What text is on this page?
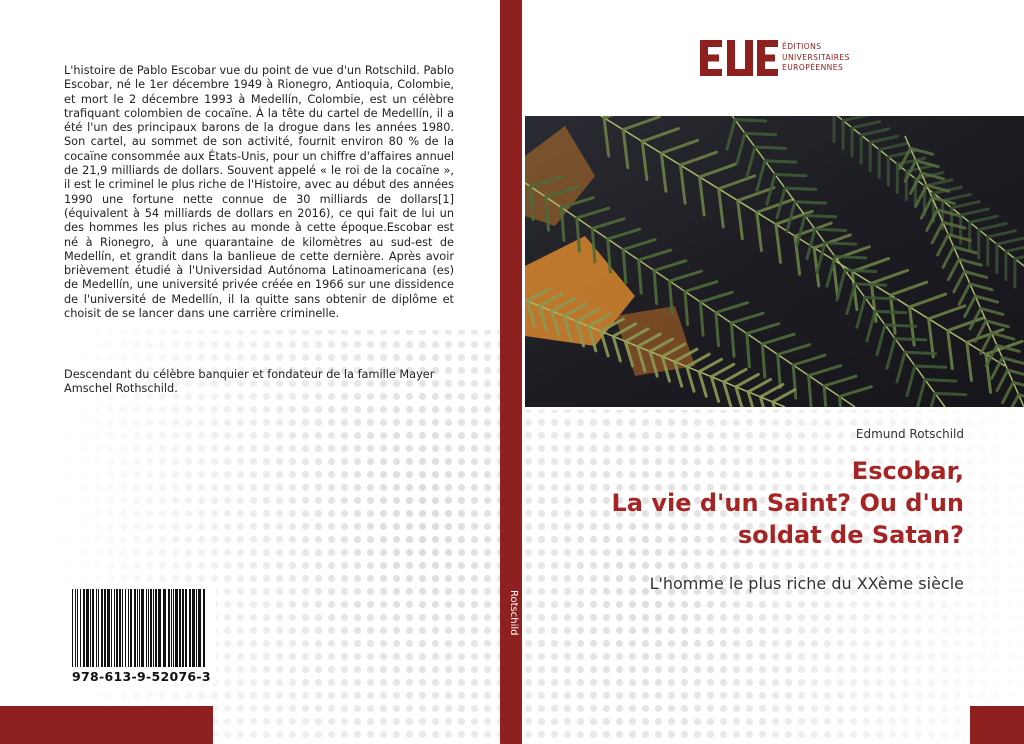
L'histoire de Pablo Escobar vue du point de vue d'un Rotschild. Pablo Escobar, né le 1er décembre 1949 à Rionegro, Antioquia, Colombie, et mort le 2 décembre 1993 à Medellín, Colombie, est un célèbre trafiquant colombien de cocaïne. À la tête du cartel de Medellín, il a été l'un des principaux barons de la drogue dans les années 1980. Son cartel, au sommet de son activité, fournit environ 80 % de la cocaïne consommée aux États-Unis, pour un chiffre d'affaires annuel de 21,9 milliards de dollars. Souvent appelé « le roi de la cocaïne », il est le criminel le plus riche de l'Histoire, avec au début des années 1990 une fortune nette connue de 30 milliards de dollars[1] (équivalent à 54 milliards de dollars en 2016), ce qui fait de lui un des hommes les plus riches au monde à cette époque.Escobar est né à Rionegro, à une quarantaine de kilomètres au sud-est de Medellín, et grandit dans la banlieue de cette dernière. Après avoir brièvement étudié à l'Universidad Autónoma Latinoamericana (es) de Medellín, une université privée créée en 1966 sur une dissidence de l'université de Medellín, il la quitte sans obtenir de diplôme et choisit de se lancer dans une carrière criminelle.

Descendant du célèbre banquier et fondateur de la famille Mayer Amschel Rothschild.

978-613-9-52076-3
Rotschild
ÉDITIONS
UNIVERSITAIRES
EUROPÉENNES

Edmund Rotschild

Escobar,
La vie d'un Saint? Ou d'un
soldat de Satan?

L'homme le plus riche du XXème siècle
